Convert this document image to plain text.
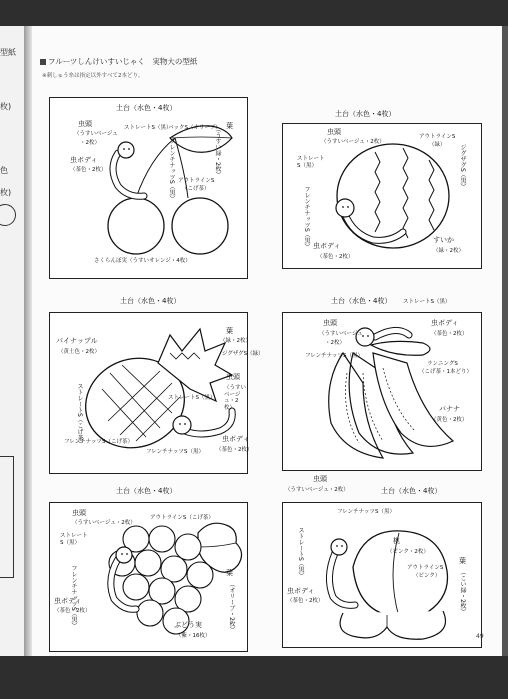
型紙
枚)
色
枚)
フルーツしんけいすいじゃく　実物大の型紙
※刺しゅう糸は指定以外すべて2本どり。
土台（水色・4枚）
虫頭
（うすいベージュ
・2枚）
虫ボディ
（茶色・2枚）
ストレートS（黒）
バックS（オリーブ）
フレンチナッツS（黒） アウトラインS
（こげ茶）
葉
（うすい緑・2枚）
さくらんぼ実（うすいオレンジ・4枚）
土台（水色・4枚）
虫頭
（うすいベージュ・2枚）
ストレートS（黒）
フレンチナッツS（黒）
アウトラインS
（緑） ジグザグS（黒）
虫ボディ
（茶色・2枚）
すいか
（緑・2枚）
土台（水色・4枚）
パイナップル
（黄土色・2枚）
ストレートS（こげ茶）
葉
（緑・2枚）
ジグザグS（緑）
虫頭
（うすいベージュ・2枚）
ストレートS（黒）
虫ボディ
（茶色・2枚）
フレンチナッツS（こげ茶）
フレンチナッツS（黒）
土台（水色・4枚） ストレートS（黒）
虫頭
（うすいベージュ
・2枚）
フレンチナッツS（黒）
虫ボディ
（茶色・2枚）
ランニングS
（こげ茶・1本どり）
バナナ
（黄色・2枚）
土台（水色・4枚）
虫頭
（うすいベージュ・2枚）
アウトラインS（こげ茶）
ストレートS（黒）
フレンチナッツS（黒）	葉
（オリーブ・2枚）
虫ボディ
（茶色・2枚）
ぶどう実
（紫・16枚）
虫頭
（うすいベージュ・2枚）	土台（水色・4枚）
フレンチナッツS（黒）
ストレートS（黒）	桃
（ピンク・2枚）
アウトラインS
（ピンク）
葉
（こい緑・2枚）
虫ボディ
（茶色・2枚）
49
